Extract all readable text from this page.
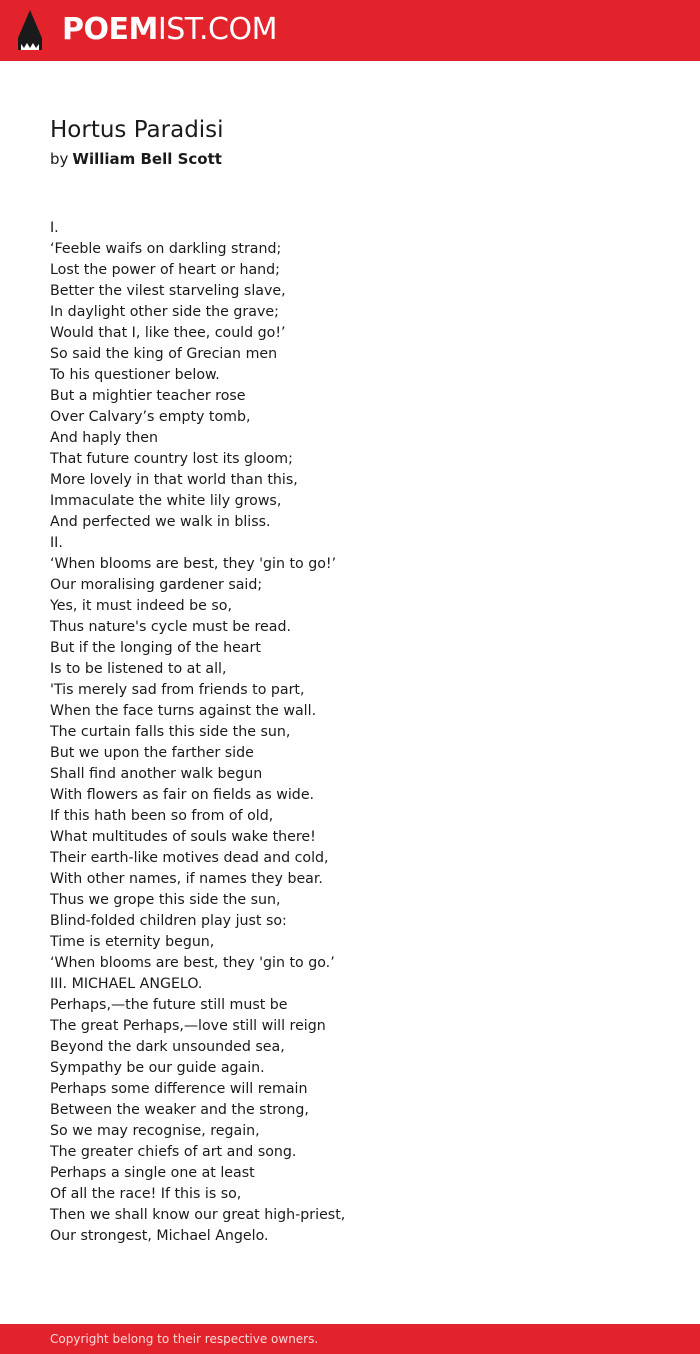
POEMIST.COM
Hortus Paradisi
by William Bell Scott
I.
‘Feeble waifs on darkling strand;
Lost the power of heart or hand;
Better the vilest starveling slave,
In daylight other side the grave;
Would that I, like thee, could go!’
So said the king of Grecian men
To his questioner below.
But a mightier teacher rose
Over Calvary’s empty tomb,
And haply then
That future country lost its gloom;
More lovely in that world than this,
Immaculate the white lily grows,
And perfected we walk in bliss.
II.
‘When blooms are best, they 'gin to go!’
Our moralising gardener said;
Yes, it must indeed be so,
Thus nature's cycle must be read.
But if the longing of the heart
Is to be listened to at all,
'Tis merely sad from friends to part,
When the face turns against the wall.
The curtain falls this side the sun,
But we upon the farther side
Shall find another walk begun
With flowers as fair on fields as wide.
If this hath been so from of old,
What multitudes of souls wake there!
Their earth-like motives dead and cold,
With other names, if names they bear.
Thus we grope this side the sun,
Blind-folded children play just so:
Time is eternity begun,
‘When blooms are best, they 'gin to go.’
III. MICHAEL ANGELO.
Perhaps,—the future still must be
The great Perhaps,—love still will reign
Beyond the dark unsounded sea,
Sympathy be our guide again.
Perhaps some difference will remain
Between the weaker and the strong,
So we may recognise, regain,
The greater chiefs of art and song.
Perhaps a single one at least
Of all the race! If this is so,
Then we shall know our great high-priest,
Our strongest, Michael Angelo.
Copyright belong to their respective owners.
